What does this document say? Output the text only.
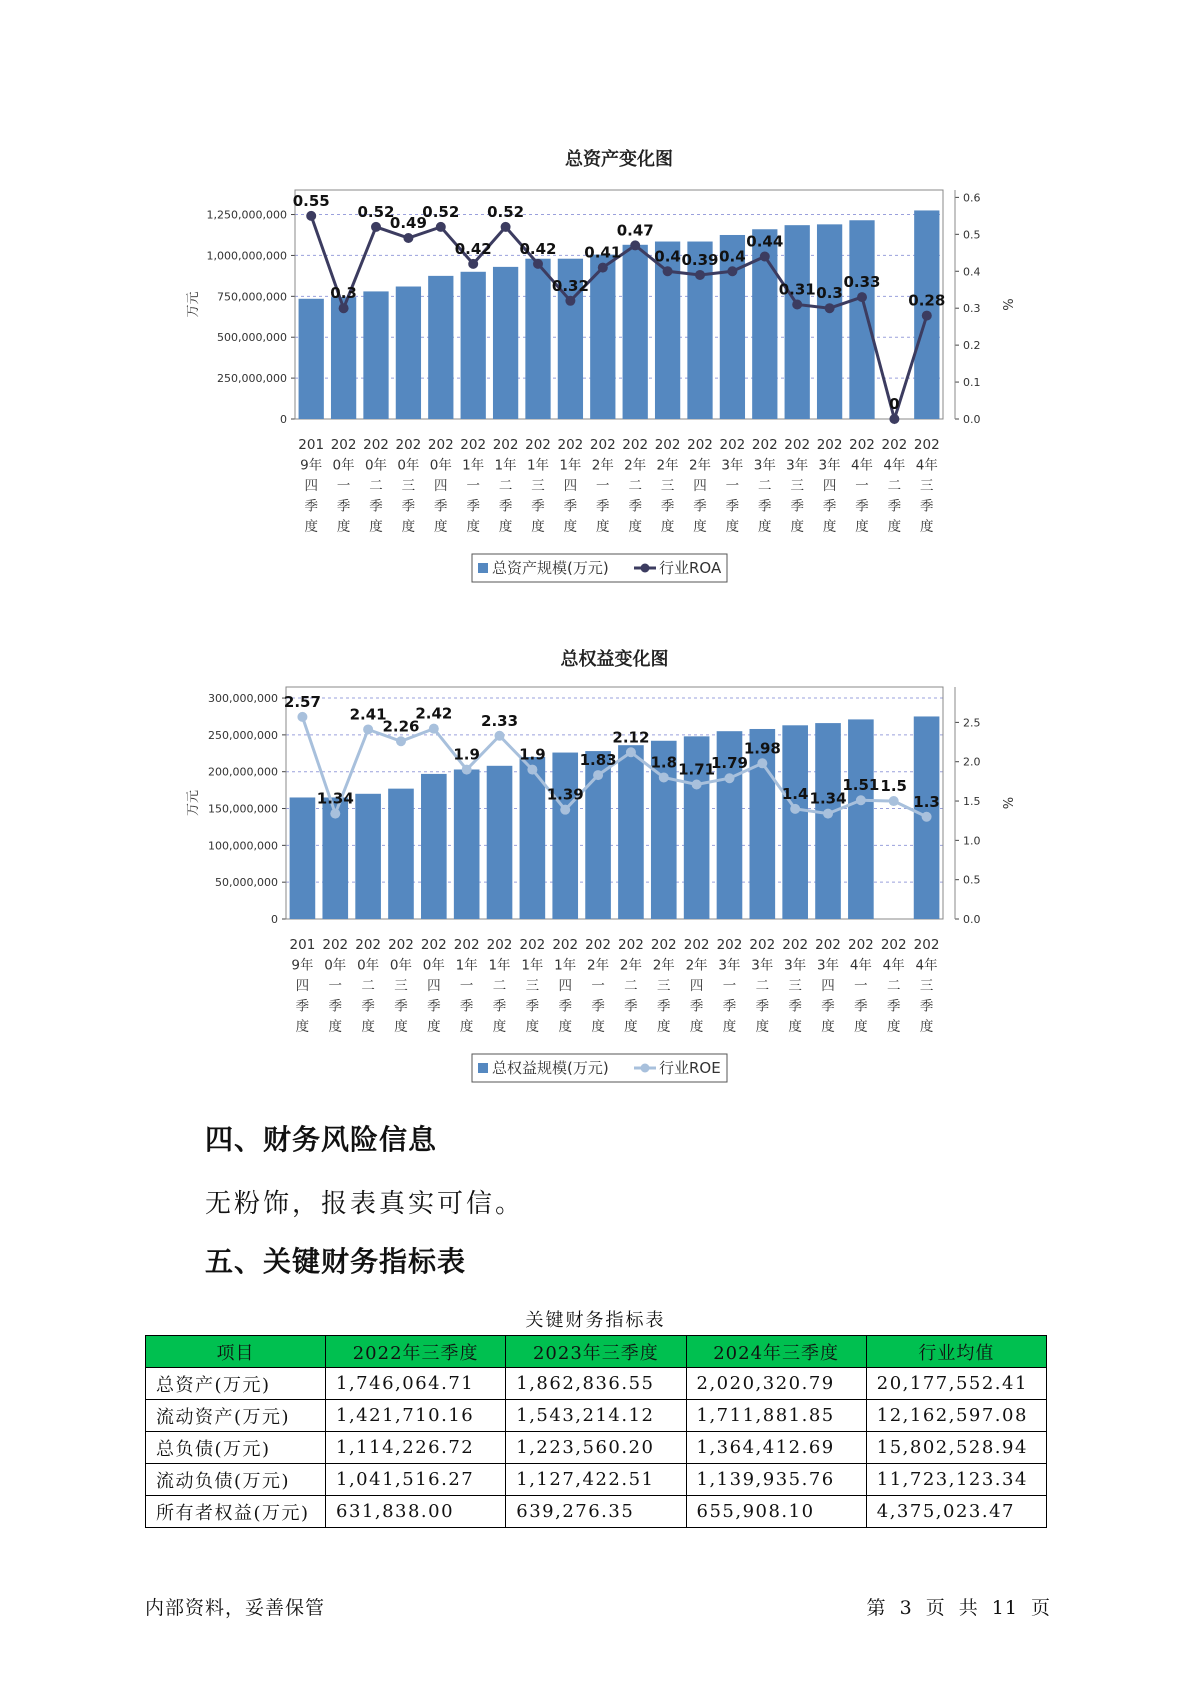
总资产变化图
0
250,000,000
500,000,000
750,000,000
1,000,000,000
1,250,000,000
0.0
0.1
0.2
0.3
0.4
0.5
0.6
万元	%
0.55
0.3
0.52
0.49
0.52
0.42
0.52
0.42
0.32
0.41
0.47
0.4 0.39 0.4
0.44
0.31 0.3
0.33
0
0.28
201
9年
四
季
度
202
0年
一
季
度
202
0年
二
季
度
202
0年
三
季
度
202
0年
四
季
度
202
1年
一
季
度
202
1年
二
季
度
202
1年
三
季
度
202
1年
四
季
度
202
2年
一
季
度
202
2年
二
季
度
202
2年
三
季
度
202
2年
四
季
度
202
3年
一
季
度
202
3年
二
季
度
202
3年
三
季
度
202
3年
四
季
度
202
4年
一
季
度
202
4年
二
季
度
202
4年
三
季
度
总资产规模(万元)	行业ROA
总权益变化图
0
50,000,000
100,000,000
150,000,000
200,000,000
250,000,000
300,000,000
0.0
0.5
1.0
1.5
2.0
2.5
万元	%
2.57
1.34
2.41
2.26
2.42
1.9
2.33
1.9
1.39
1.83
2.12
1.8 1.71
1.79
1.98
1.4 1.34
1.51 1.5
1.3
201
9年
四
季
度
202
0年
一
季
度
202
0年
二
季
度
202
0年
三
季
度
202
0年
四
季
度
202
1年
一
季
度
202
1年
二
季
度
202
1年
三
季
度
202
1年
四
季
度
202
2年
一
季
度
202
2年
二
季
度
202
2年
三
季
度
202
2年
四
季
度
202
3年
一
季
度
202
3年
二
季
度
202
3年
三
季
度
202
3年
四
季
度
202
4年
一
季
度
202
4年
二
季
度
202
4年
三
季
度
总权益规模(万元)	行业ROE
四、财务风险信息

无粉饰，报表真实可信。

五、关键财务指标表
关键财务指标表
项目	2022年三季度	2023年三季度	2024年三季度	行业均值
总资产(万元)	1,746,064.71	1,862,836.55	2,020,320.79	20,177,552.41
流动资产(万元)	1,421,710.16	1,543,214.12	1,711,881.85	12,162,597.08
总负债(万元)	1,114,226.72	1,223,560.20	1,364,412.69	15,802,528.94
流动负债(万元)	1,041,516.27	1,127,422.51	1,139,935.76	11,723,123.34
所有者权益(万元)	631,838.00	639,276.35	655,908.10	4,375,023.47
内部资料，妥善保管	第 3 页 共 11 页
